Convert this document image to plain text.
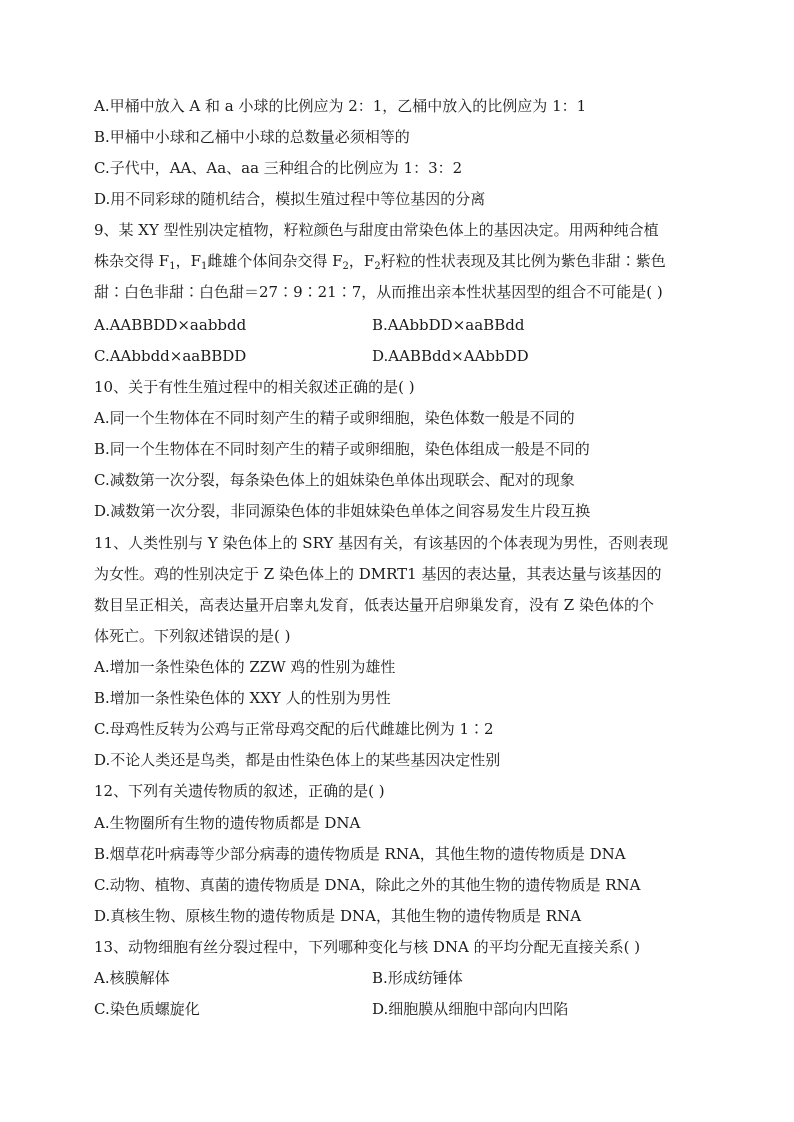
A.甲桶中放入 A 和 a 小球的比例应为 2：1，乙桶中放入的比例应为 1：1
B.甲桶中小球和乙桶中小球的总数量必须相等的
C.子代中，AA、Aa、aa 三种组合的比例应为 1：3：2
D.用不同彩球的随机结合，模拟生殖过程中等位基因的分离
9、某 XY 型性别决定植物，籽粒颜色与甜度由常染色体上的基因决定。用两种纯合植
株杂交得 $F_1$，$F_1$雌雄个体间杂交得 $F_2$，$F_2$籽粒的性状表现及其比例为紫色非甜∶紫色
甜∶白色非甜∶白色甜＝27∶9∶21∶7，从而推出亲本性状基因型的组合不可能是( )
A.AABBDD×aabbdd	B.AAbbDD×aaBBdd
C.AAbbdd×aaBBDD	D.AABBdd×AAbbDD
10、关于有性生殖过程中的相关叙述正确的是( )
A.同一个生物体在不同时刻产生的精子或卵细胞，染色体数一般是不同的
B.同一个生物体在不同时刻产生的精子或卵细胞，染色体组成一般是不同的
C.减数第一次分裂，每条染色体上的姐妹染色单体出现联会、配对的现象
D.减数第一次分裂，非同源染色体的非姐妹染色单体之间容易发生片段互换
11、人类性别与 Y 染色体上的 SRY 基因有关，有该基因的个体表现为男性，否则表现
为女性。鸡的性别决定于 Z 染色体上的 DMRT1 基因的表达量，其表达量与该基因的
数目呈正相关，高表达量开启睾丸发育，低表达量开启卵巢发育，没有 Z 染色体的个
体死亡。下列叙述错误的是( )
A.增加一条性染色体的 ZZW 鸡的性别为雄性
B.增加一条性染色体的 XXY 人的性别为男性
C.母鸡性反转为公鸡与正常母鸡交配的后代雌雄比例为 1∶2
D.不论人类还是鸟类，都是由性染色体上的某些基因决定性别
12、下列有关遗传物质的叙述，正确的是( )
A.生物圈所有生物的遗传物质都是 DNA
B.烟草花叶病毒等少部分病毒的遗传物质是 RNA，其他生物的遗传物质是 DNA
C.动物、植物、真菌的遗传物质是 DNA，除此之外的其他生物的遗传物质是 RNA
D.真核生物、原核生物的遗传物质是 DNA，其他生物的遗传物质是 RNA
13、动物细胞有丝分裂过程中，下列哪种变化与核 DNA 的平均分配无直接关系( )
A.核膜解体	B.形成纺锤体
C.染色质螺旋化	D.细胞膜从细胞中部向内凹陷
